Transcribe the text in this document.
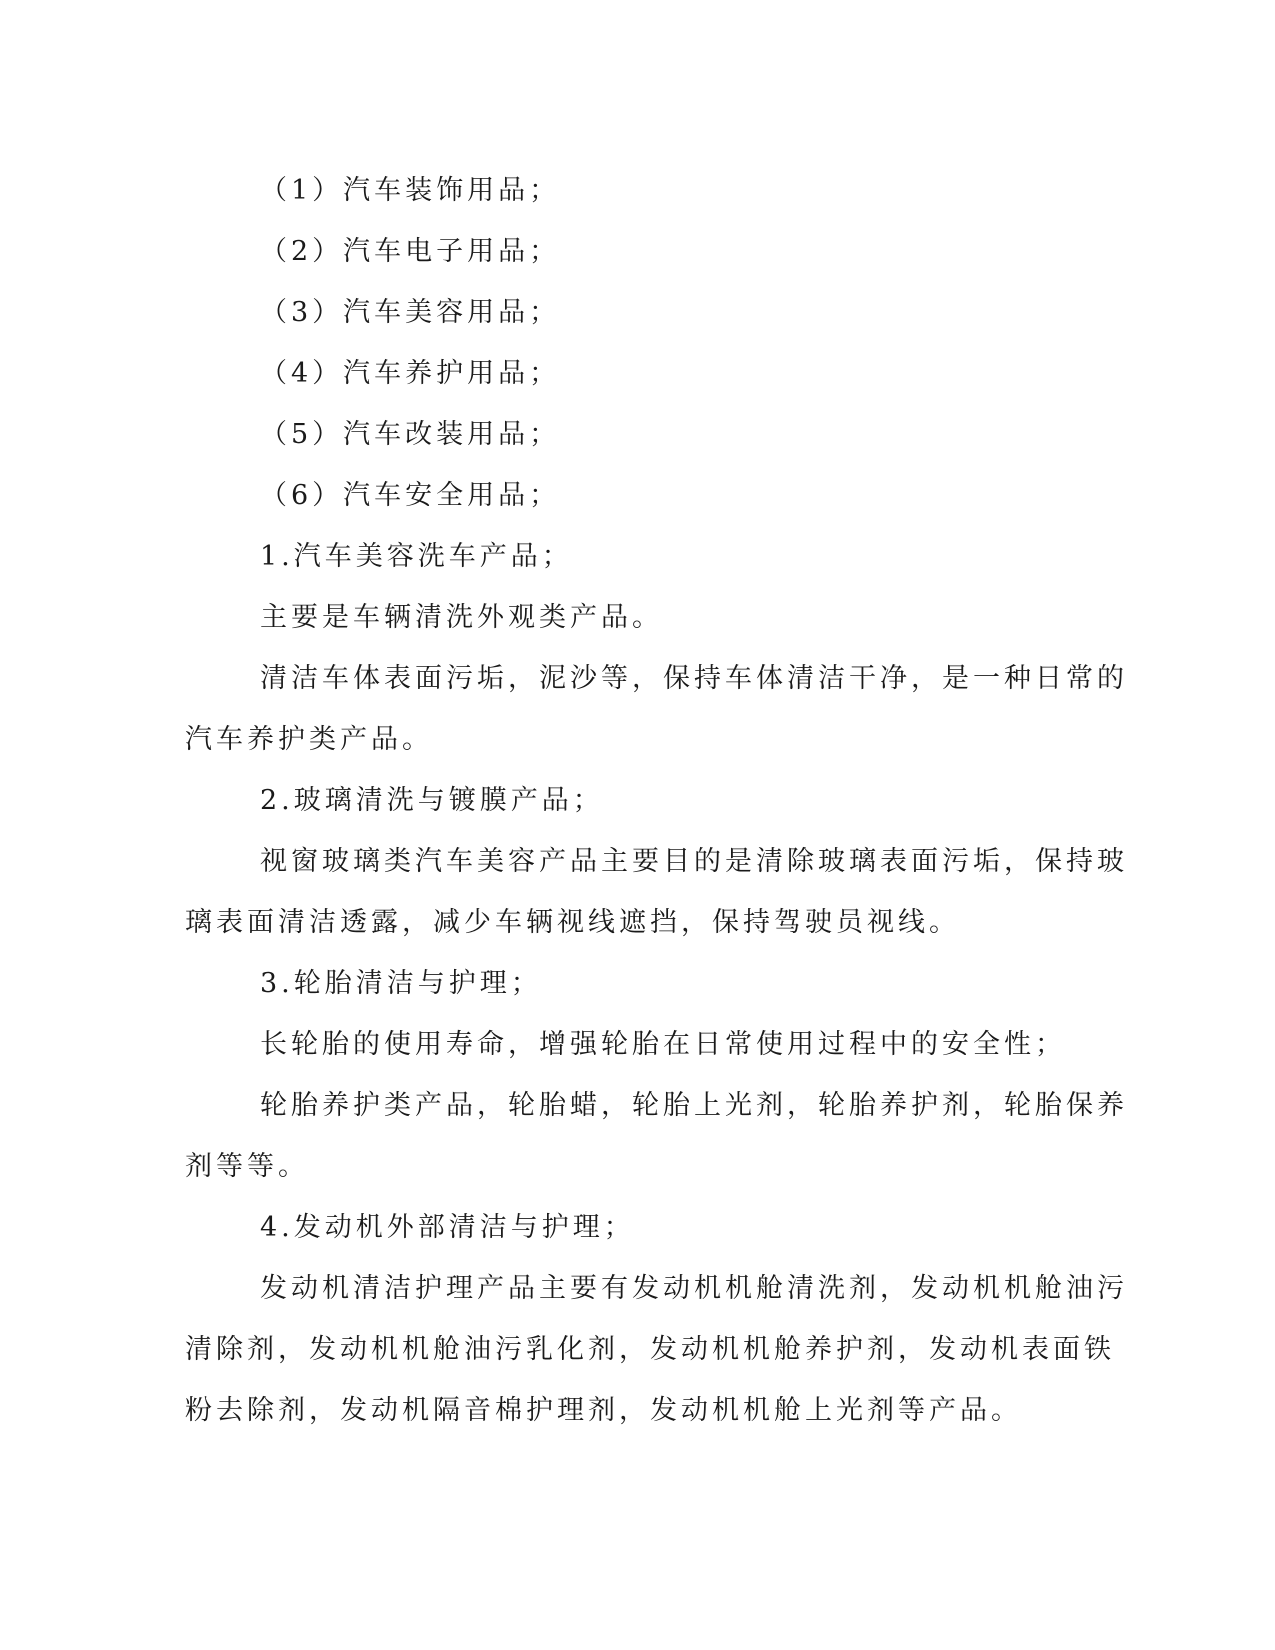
（1）汽车装饰用品；
（2）汽车电子用品；
（3）汽车美容用品；
（4）汽车养护用品；
（5）汽车改装用品；
（6）汽车安全用品；
1.汽车美容洗车产品；
主要是车辆清洗外观类产品。
清洁车体表面污垢，泥沙等，保持车体清洁干净，是一种日常的
汽车养护类产品。
2.玻璃清洗与镀膜产品；
视窗玻璃类汽车美容产品主要目的是清除玻璃表面污垢，保持玻
璃表面清洁透露，减少车辆视线遮挡，保持驾驶员视线。
3.轮胎清洁与护理；
长轮胎的使用寿命，增强轮胎在日常使用过程中的安全性；
轮胎养护类产品，轮胎蜡，轮胎上光剂，轮胎养护剂，轮胎保养
剂等等。
4.发动机外部清洁与护理；
发动机清洁护理产品主要有发动机机舱清洗剂，发动机机舱油污
清除剂，发动机机舱油污乳化剂，发动机机舱养护剂，发动机表面铁
粉去除剂，发动机隔音棉护理剂，发动机机舱上光剂等产品。
